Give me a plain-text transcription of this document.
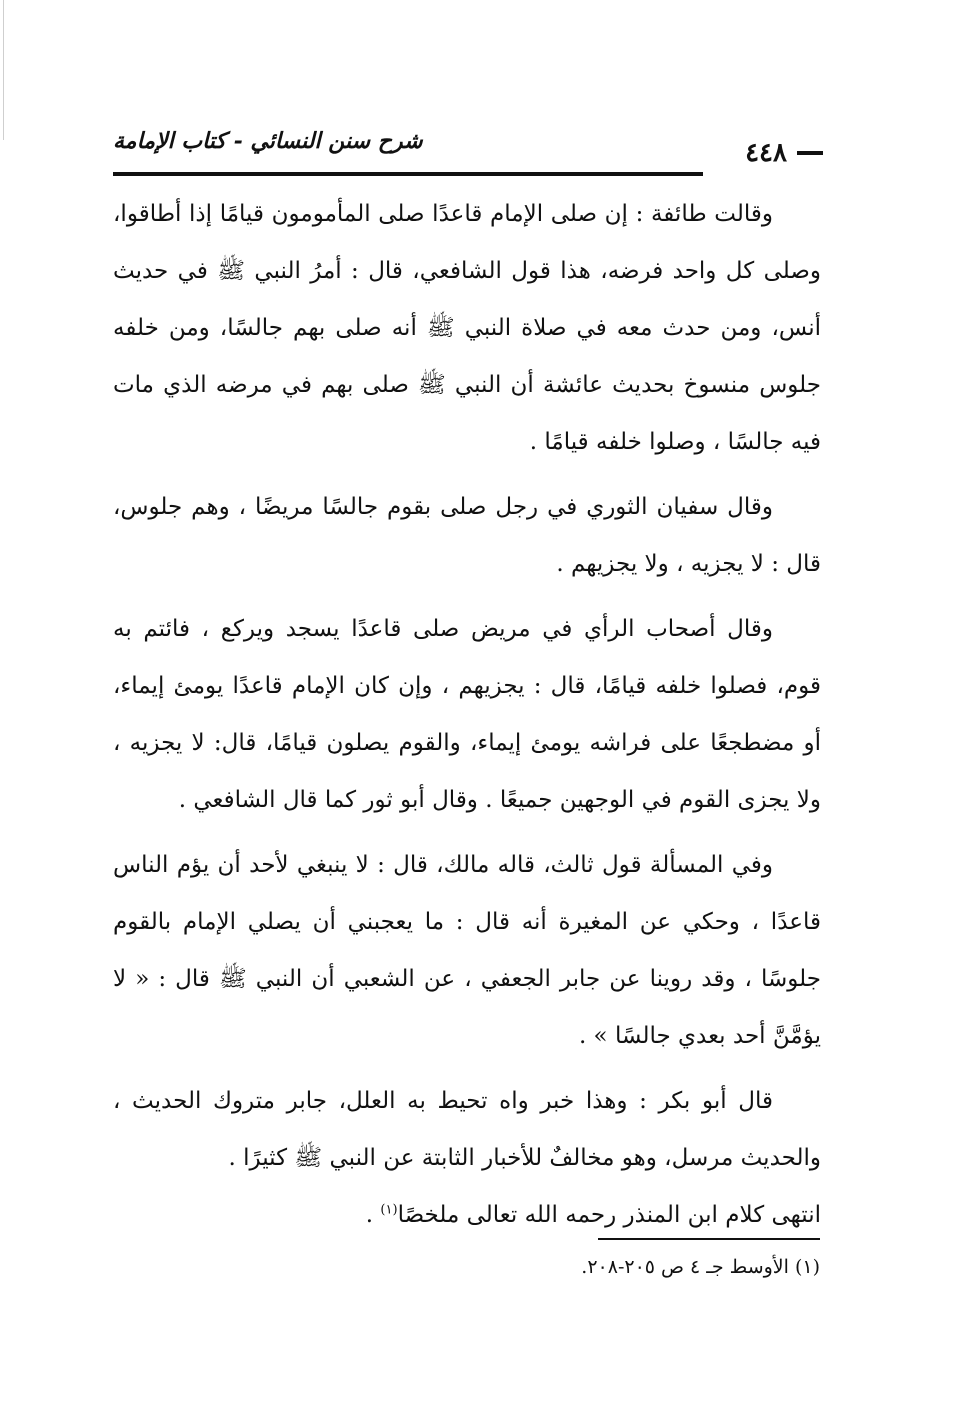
٤٤٨
شرح سنن النسائي - كتاب الإمامة

وقالت طائفة : إن صلى الإمام قاعدًا صلى المأمومون قيامًا إذا أطاقوا، وصلى كل واحد فرضه، هذا قول الشافعي، قال : أمرُ النبي ﷺ في حديث أنس، ومن حدث معه في صلاة النبي ﷺ أنه صلى بهم جالسًا، ومن خلفه جلوس منسوخ بحديث عائشة أن النبي ﷺ صلى بهم في مرضه الذي مات فيه جالسًا ، وصلوا خلفه قيامًا .

وقال سفيان الثوري في رجل صلى بقوم جالسًا مريضًا ، وهم جلوس، قال : لا يجزيه ، ولا يجزيهم .

وقال أصحاب الرأي في مريض صلى قاعدًا يسجد ويركع ، فائتم به قوم، فصلوا خلفه قيامًا، قال : يجزيهم ، وإن كان الإمام قاعدًا يومئ إيماء، أو مضطجعًا على فراشه يومئ إيماء، والقوم يصلون قيامًا، قال: لا يجزيه ، ولا يجزى القوم في الوجهين جميعًا . وقال أبو ثور كما قال الشافعي .

وفي المسألة قول ثالث، قاله مالك، قال : لا ينبغي لأحد أن يؤم الناس قاعدًا ، وحكي عن المغيرة أنه قال : ما يعجبني أن يصلي الإمام بالقوم جلوسًا ، وقد روينا عن جابر الجعفي ، عن الشعبي أن النبي ﷺ قال : « لا يؤمَّنَّ أحد بعدي جالسًا » .

قال أبو بكر : وهذا خبر واه تحيط به العلل، جابر متروك الحديث ، والحديث مرسل، وهو مخالفٌ للأخبار الثابتة عن النبي ﷺ كثيرًا .
انتهى كلام ابن المنذر رحمه الله تعالى ملخصًا$^{(١)}$ .

(١) الأوسط جـ ٤ ص ٢٠٥-٢٠٨.
